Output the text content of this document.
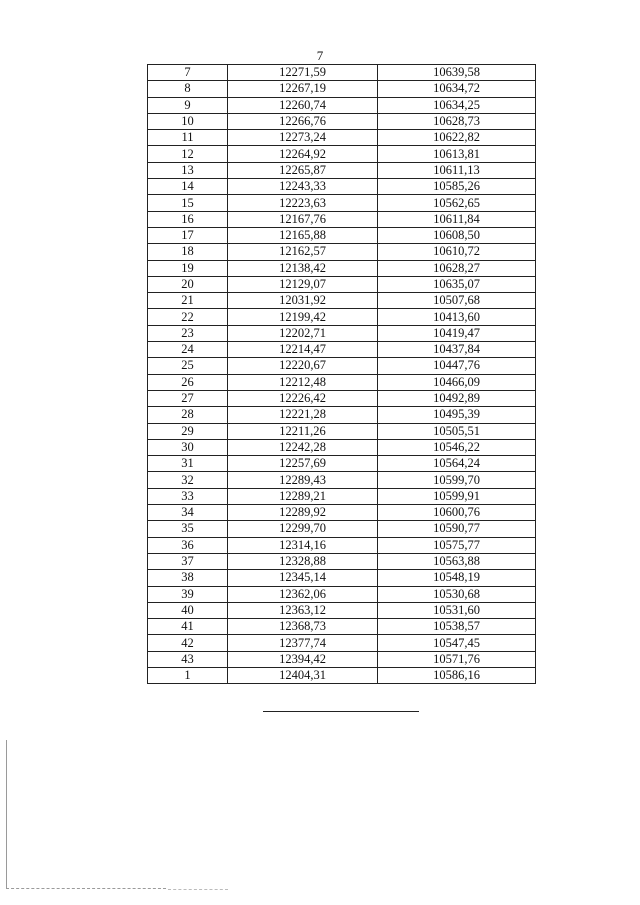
7
7	12271,59	10639,58
8	12267,19	10634,72
9	12260,74	10634,25
10	12266,76	10628,73
11	12273,24	10622,82
12	12264,92	10613,81
13	12265,87	10611,13
14	12243,33	10585,26
15	12223,63	10562,65
16	12167,76	10611,84
17	12165,88	10608,50
18	12162,57	10610,72
19	12138,42	10628,27
20	12129,07	10635,07
21	12031,92	10507,68
22	12199,42	10413,60
23	12202,71	10419,47
24	12214,47	10437,84
25	12220,67	10447,76
26	12212,48	10466,09
27	12226,42	10492,89
28	12221,28	10495,39
29	12211,26	10505,51
30	12242,28	10546,22
31	12257,69	10564,24
32	12289,43	10599,70
33	12289,21	10599,91
34	12289,92	10600,76
35	12299,70	10590,77
36	12314,16	10575,77
37	12328,88	10563,88
38	12345,14	10548,19
39	12362,06	10530,68
40	12363,12	10531,60
41	12368,73	10538,57
42	12377,74	10547,45
43	12394,42	10571,76
1	12404,31	10586,16
